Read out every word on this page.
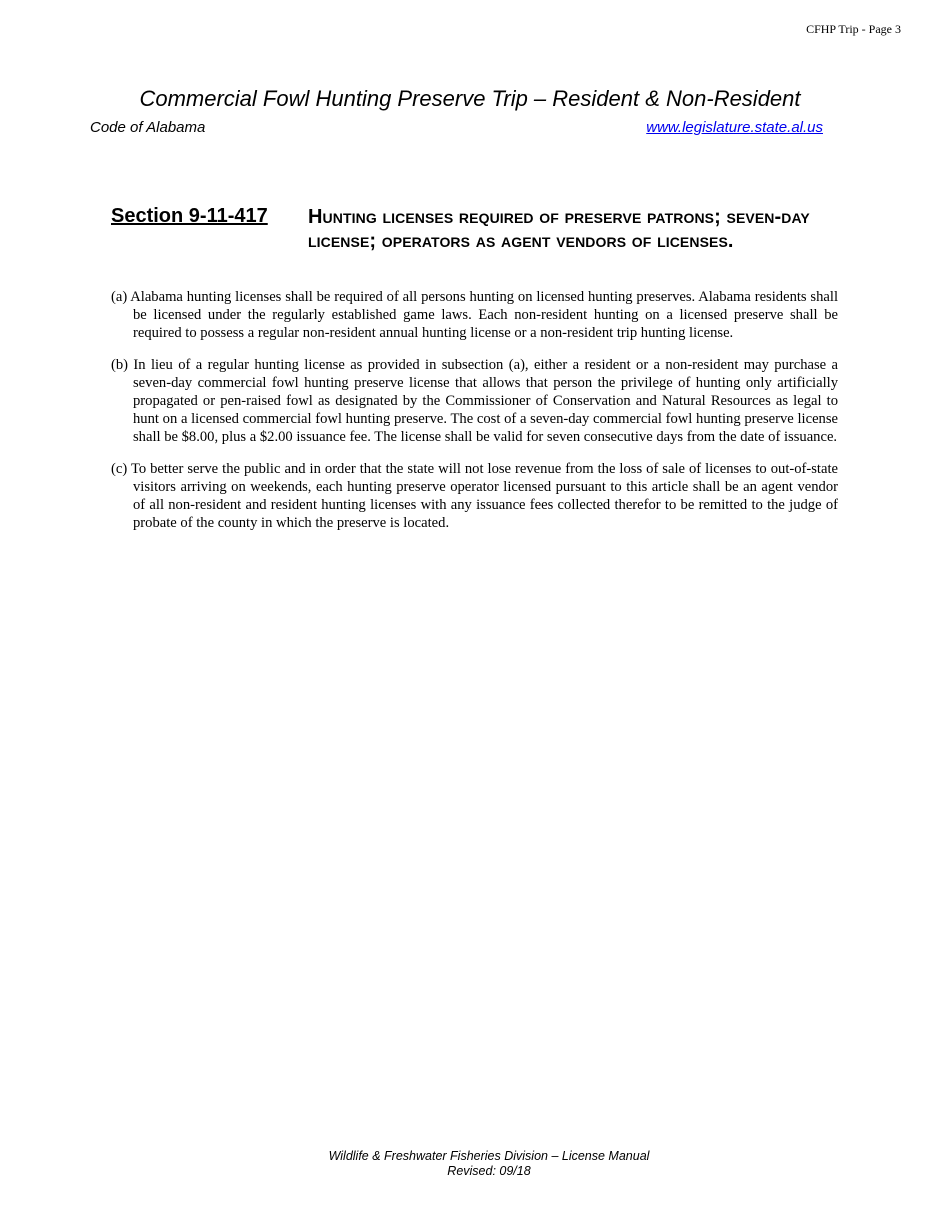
CFHP Trip - Page 3
Commercial Fowl Hunting Preserve Trip – Resident & Non-Resident
Code of Alabama	www.legislature.state.al.us
Section 9-11-417 Hunting licenses required of preserve patrons; seven-day license; operators as agent vendors of licenses.

(a) Alabama hunting licenses shall be required of all persons hunting on licensed hunting preserves. Alabama residents shall be licensed under the regularly established game laws. Each non-resident hunting on a licensed preserve shall be required to possess a regular non-resident annual hunting license or a non-resident trip hunting license.

(b) In lieu of a regular hunting license as provided in subsection (a), either a resident or a non-resident may purchase a seven-day commercial fowl hunting preserve license that allows that person the privilege of hunting only artificially propagated or pen-raised fowl as designated by the Commissioner of Conservation and Natural Resources as legal to hunt on a licensed commercial fowl hunting preserve. The cost of a seven-day commercial fowl hunting preserve license shall be $8.00, plus a $2.00 issuance fee. The license shall be valid for seven consecutive days from the date of issuance.

(c) To better serve the public and in order that the state will not lose revenue from the loss of sale of licenses to out-of-state visitors arriving on weekends, each hunting preserve operator licensed pursuant to this article shall be an agent vendor of all non-resident and resident hunting licenses with any issuance fees collected therefor to be remitted to the judge of probate of the county in which the preserve is located.

Wildlife & Freshwater Fisheries Division – License Manual
Revised: 09/18
